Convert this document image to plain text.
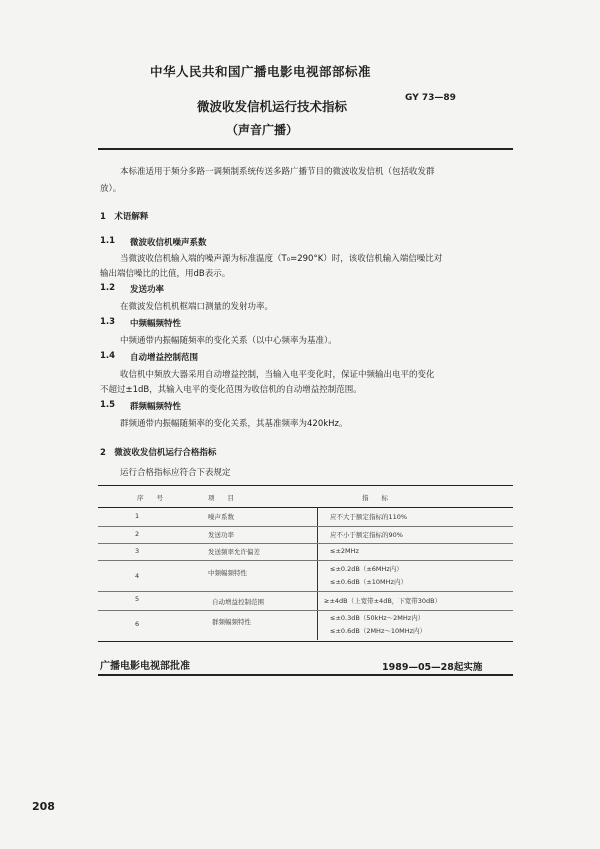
中华人民共和国广播电影电视部部标准
微波收发信机运行技术指标
（声音广播）
GY 73—89
本标准适用于频分多路一调频制系统传送多路广播节目的微波收发信机（包括收发群
放）。
1　术语解释
1.1 微波收信机噪声系数
当微波收信机输入端的噪声源为标准温度（T₀=290°K）时，该收信机输入端信噪比对
输出端信噪比的比值，用dB表示。
1.2 发送功率
在微波发信机机框端口测量的发射功率。
1.3 中频幅频特性
中频通带内振幅随频率的变化关系（以中心频率为基准）。
1.4 自动增益控制范围
收信机中频放大器采用自动增益控制，当输入电平变化时，保证中频输出电平的变化
不超过±1dB，其输入电平的变化范围为收信机的自动增益控制范围。
1.5 群频幅频特性
群频通带内振幅随频率的变化关系，其基准频率为420kHz。
2　微波收发信机运行合格指标
运行合格指标应符合下表规定
序　　号	项　　目	指　　标
1	噪声系数	应不大于额定指标的110%
2	发送功率	应不小于额定指标的90%
3	发送频率允许偏差	≤±2MHz
4	中频幅频特性	≤±0.2dB（±6MHz内）
≤±0.6dB（±10MHz内）
5	自动增益控制范围	≥±4dB（上宽带±4dB，下宽带30dB）
6	群频幅频特性	≤±0.3dB（50kHz～2MHz内）
≤±0.6dB（2MHz～10MHz内）
广播电影电视部批准	1989—05—28起实施
208
